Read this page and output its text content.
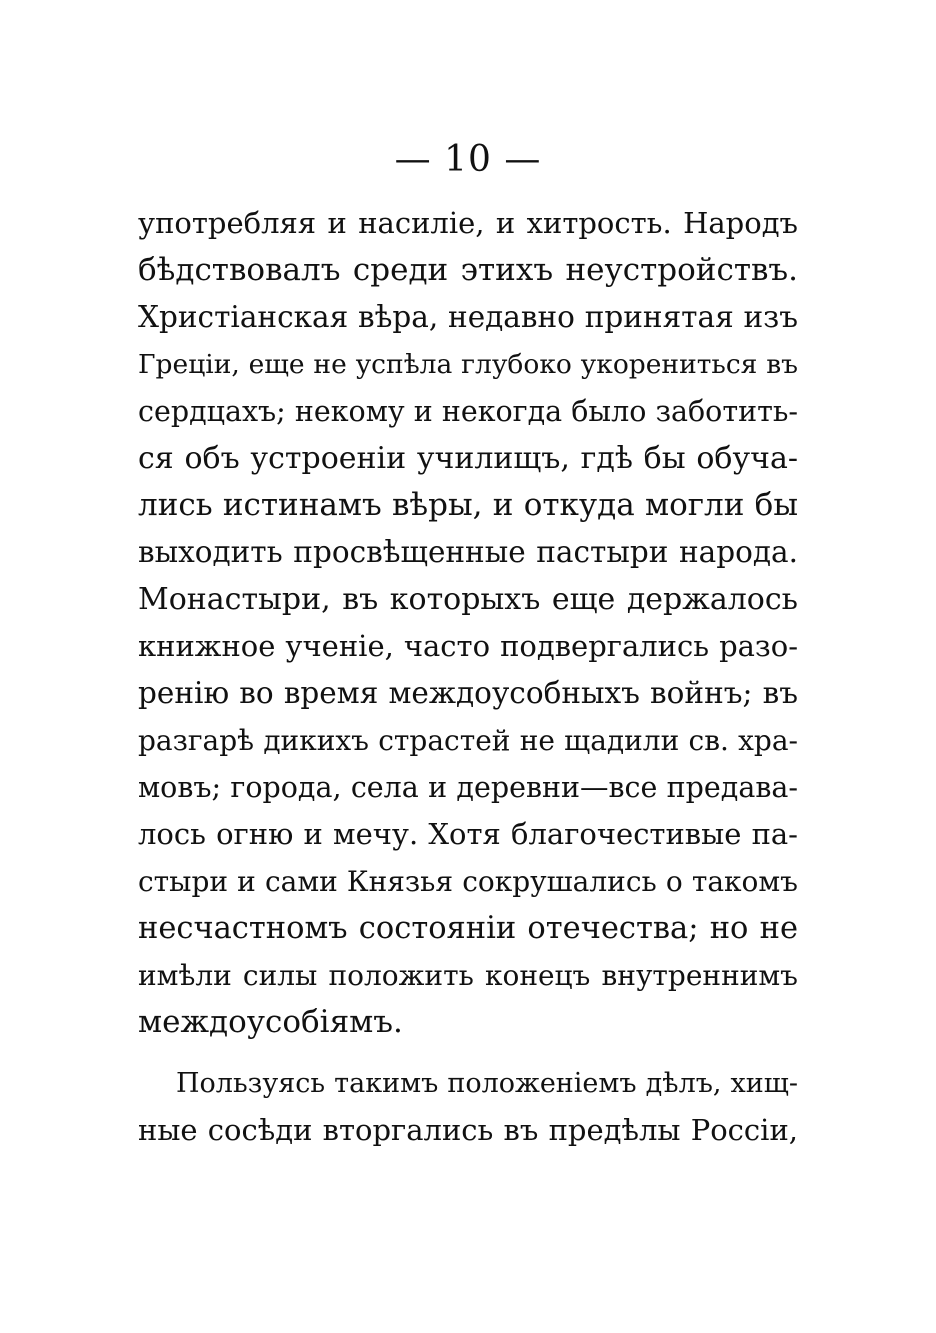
— 10 —
употребляя и насиліе, и хитрость. Народъ
бѣдствовалъ среди этихъ неустройствъ.
Христіанская вѣра, недавно принятая изъ
Греціи, еще не успѣла глубоко укорениться въ
сердцахъ; некому и некогда было заботить-
ся объ устроеніи училищъ, гдѣ бы обуча-
лись истинамъ вѣры, и откуда могли бы
выходить просвѣщенные пастыри народа.
Монастыри, въ которыхъ еще держалось
книжное ученіе, часто подвергались разо-
ренію во время междоусобныхъ войнъ; въ
разгарѣ дикихъ страстей не щадили св. хра-
мовъ; города, села и деревни—все предава-
лось огню и мечу. Хотя благочестивые па-
стыри и сами Князья сокрушались о такомъ
несчастномъ состояніи отечества; но не
имѣли силы положить конецъ внутреннимъ
междоусобіямъ.
Пользуясь такимъ положеніемъ дѣлъ, хищ-
ные сосѣди вторгались въ предѣлы Россіи,
